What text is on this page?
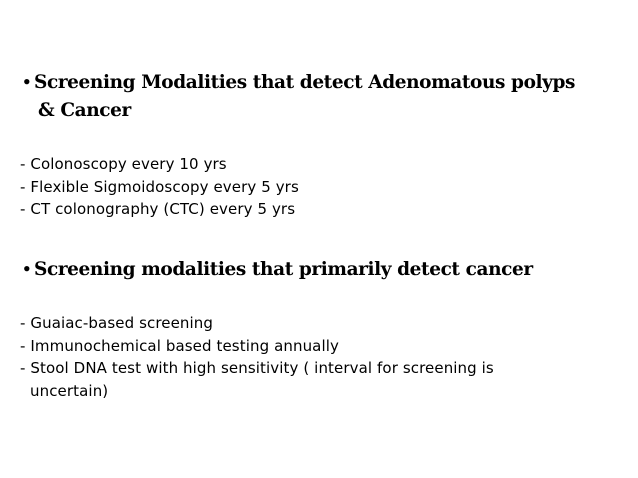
• Screening Modalities that detect Adenomatous polyps
& Cancer
- Colonoscopy every 10 yrs
- Flexible Sigmoidoscopy every 5 yrs
- CT colonography (CTC) every 5 yrs
• Screening modalities that primarily detect cancer
- Guaiac-based screening
- Immunochemical based testing annually
- Stool DNA test with high sensitivity ( interval for screening is
uncertain)
